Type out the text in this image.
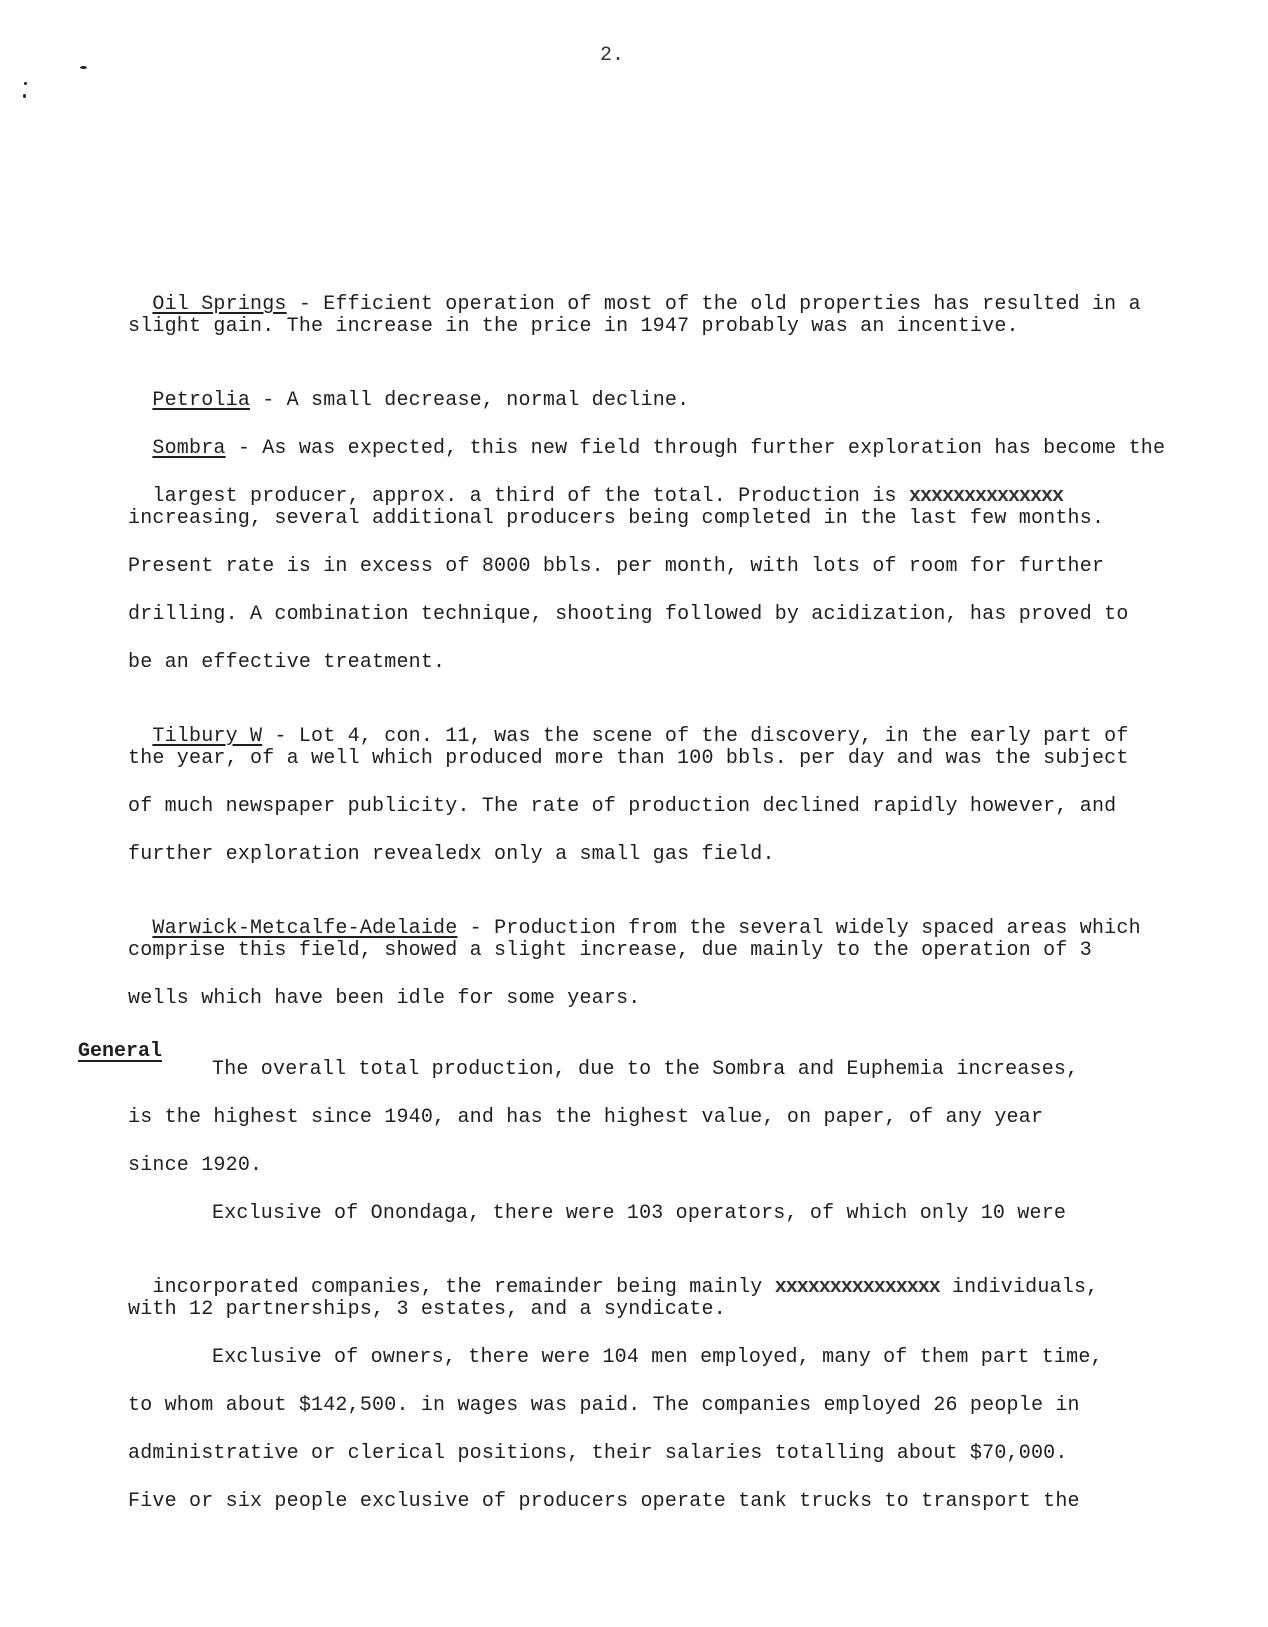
2.

Oil Springs - Efficient operation of most of the old properties has resulted in a

slight gain. The increase in the price in 1947 probably was an incentive.

Petrolia - A small decrease, normal decline.

Sombra - As was expected, this new field through further exploration has become the

largest producer, approx. a third of the total. Production is xxxxxxxxxxxxxx

increasing, several additional producers being completed in the last few months.
Present rate is in excess of 8000 bbls. per month, with lots of room for further
drilling. A combination technique, shooting followed by acidization, has proved to
be an effective treatment.

Tilbury W - Lot 4, con. 11, was the scene of the discovery, in the early part of

the year, of a well which produced more than 100 bbls. per day and was the subject
of much newspaper publicity. The rate of production declined rapidly however, and
further exploration revealedx only a small gas field.

Warwick-Metcalfe-Adelaide - Production from the several widely spaced areas which

comprise this field, showed a slight increase, due mainly to the operation of 3
wells which have been idle for some years.
General
The overall total production, due to the Sombra and Euphemia increases,
is the highest since 1940, and has the highest value, on paper, of any year
since 1920.
Exclusive of Onondaga, there were 103 operators, of which only 10 were

incorporated companies, the remainder being mainly xxxxxxxxxxxxxxx individuals,

with 12 partnerships, 3 estates, and a syndicate.
Exclusive of owners, there were 104 men employed, many of them part time,
to whom about $142,500. in wages was paid. The companies employed 26 people in
administrative or clerical positions, their salaries totalling about $70,000.
Five or six people exclusive of producers operate tank trucks to transport the
